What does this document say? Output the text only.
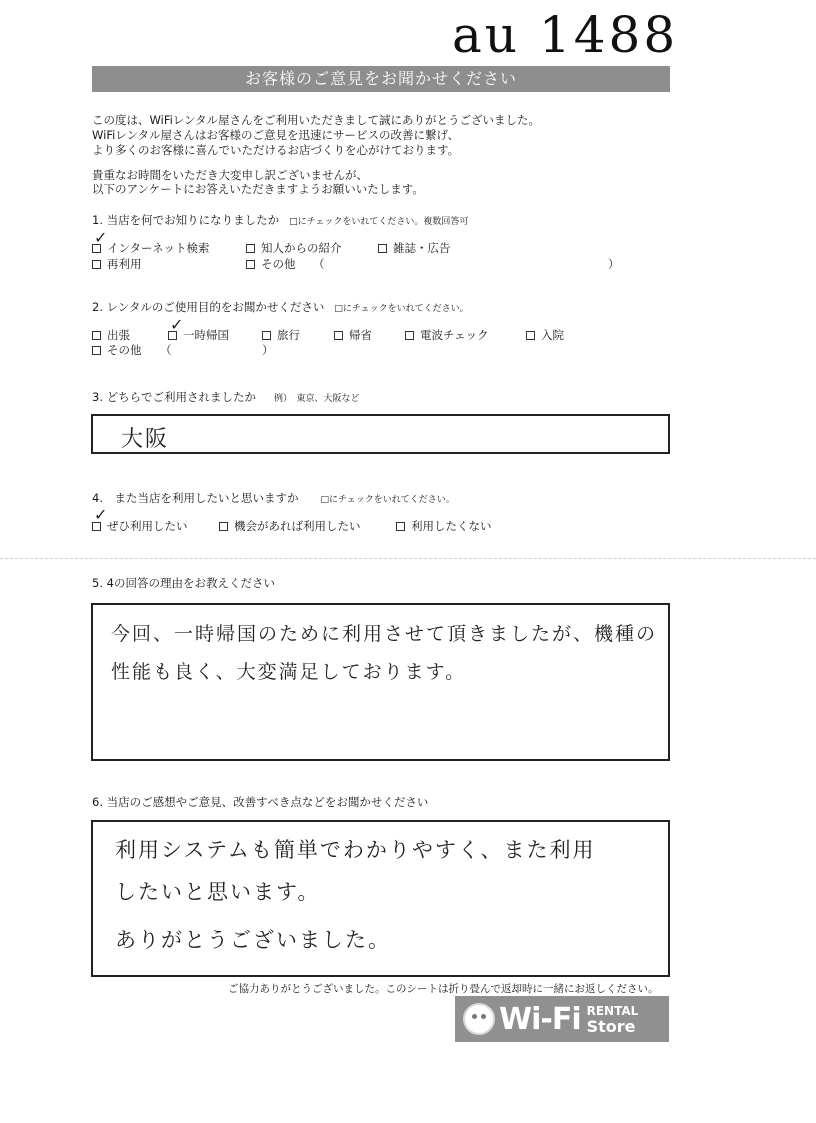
au 1488
お客様のご意見をお聞かせください
この度は、WiFiレンタル屋さんをご利用いただきまして誠にありがとうございました。
WiFiレンタル屋さんはお客様のご意見を迅速にサービスの改善に繋げ、
より多くのお客様に喜んでいただけるお店づくりを心がけております。
貴重なお時間をいただき大変申し訳ございませんが、
以下のアンケートにお答えいただきますようお願いいたします。
1. 当店を何でお知りになりましたか □にチェックをいれてください。複数回答可
インターネット検索	知人からの紹介	雑誌・広告
再利用	その他 （	）
✓
2. レンタルのご使用目的をお聞かせください □にチェックをいれてください。
出張	一時帰国	旅行	帰省	電波チェック	入院
その他 （	）
✓
3. どちらでご利用されましたか 例）　東京、大阪など
大阪
4.　また当店を利用したいと思いますか □にチェックをいれてください。
ぜひ利用したい	機会があれば利用したい	利用したくない
✓
5. 4の回答の理由をお教えください
今回、一時帰国のために利用させて頂きましたが、機種の
性能も良く、大変満足しております。
6. 当店のご感想やご意見、改善すべき点などをお聞かせください
利用システムも簡単でわかりやすく、また利用
したいと思います。
ありがとうございました。
ご協力ありがとうございました。このシートは折り畳んで返却時に一緒にお返しください。
Wi-Fi RENTAL
Store
